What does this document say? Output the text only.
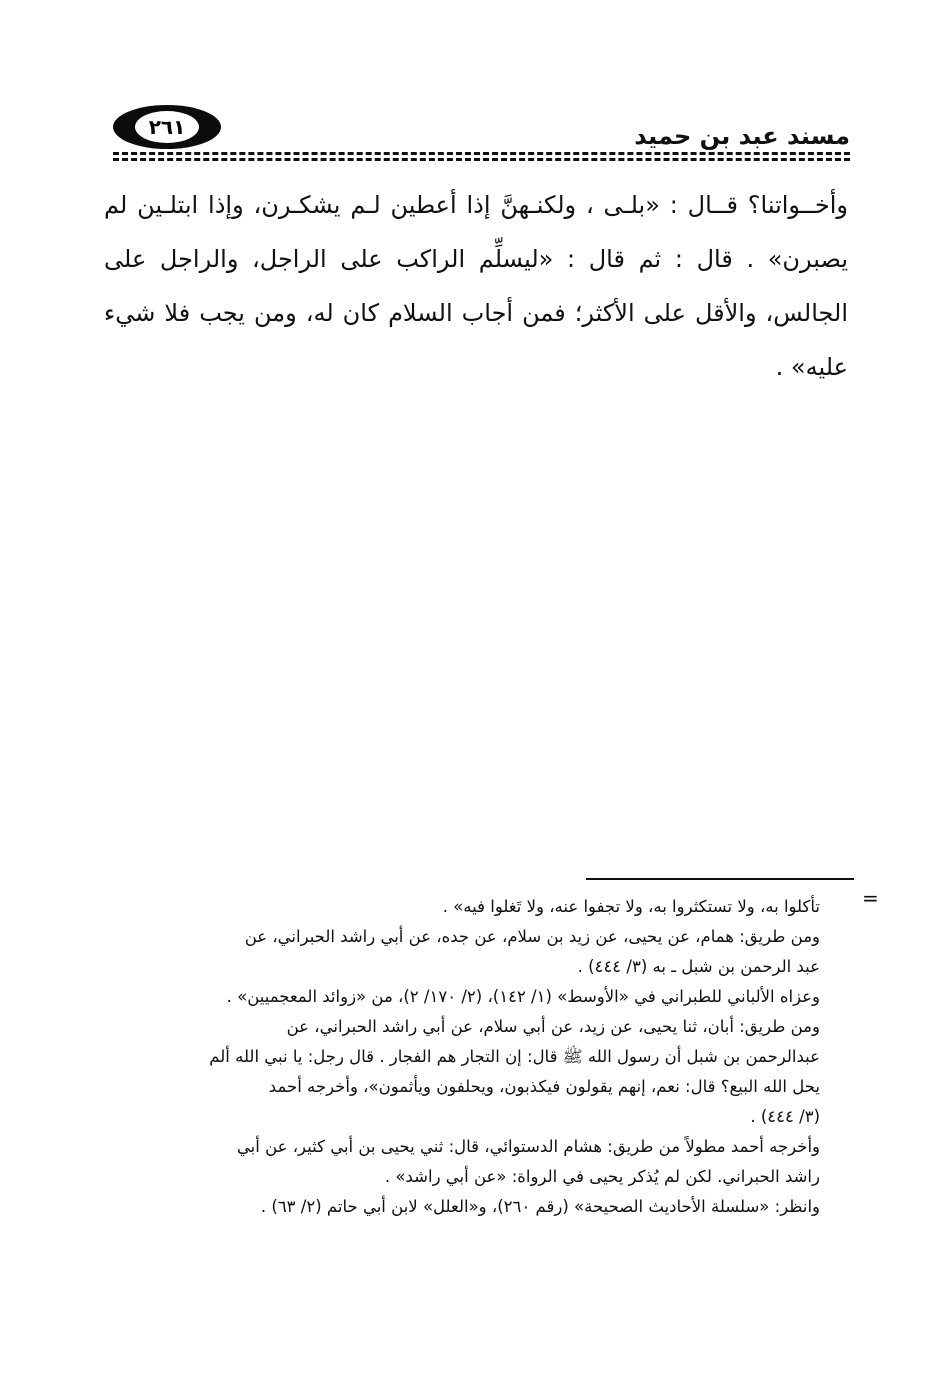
مسند عبد بن حميد
٢٦١

وأخــواتنا؟ قــال : «بلـى ، ولكنـهنَّ إذا أعطين لـم يشكـرن، وإذا ابتلـين لم يصبرن» . قال : ثم قال : «ليسلِّم الراكب على الراجل، والراجل على الجالس، والأقل على الأكثر؛ فمن أجاب السلام كان له، ومن يجب فلا شيء عليه» .

=

تأكلوا به، ولا تستكثروا به، ولا تجفوا عنه، ولا تَغلوا فيه» .

ومن طريق: همام، عن يحيى، عن زيد بن سلام، عن جده، عن أبي راشد الحبراني، عن

عبد الرحمن بن شبل ـ به (٣/ ٤٤٤) .

وعزاه الألباني للطبراني في «الأوسط» (١/ ١٤٢)، (٢/ ١٧٠/ ٢)، من «زوائد المعجميين» .

ومن طريق: أبان، ثنا يحيى، عن زيد، عن أبي سلام، عن أبي راشد الحبراني، عن

عبدالرحمن بن شبل أن رسول الله ﷺ قال: إن التجار هم الفجار . قال رجل: يا نبي الله ألم

يحل الله البيع؟ قال: نعم، إنهم يقولون فيكذبون، ويحلفون ويأثمون»، وأخرجه أحمد

(٣/ ٤٤٤) .

وأخرجه أحمد مطولاً من طريق: هشام الدستوائي، قال: ثني يحيى بن أبي كثير، عن أبي

راشد الحبراني. لكن لم يُذكر يحيى في الرواة: «عن أبي راشد» .

وانظر: «سلسلة الأحاديث الصحيحة» (رقم ٢٦٠)، و«العلل» لابن أبي حاتم (٢/ ٦٣) .
